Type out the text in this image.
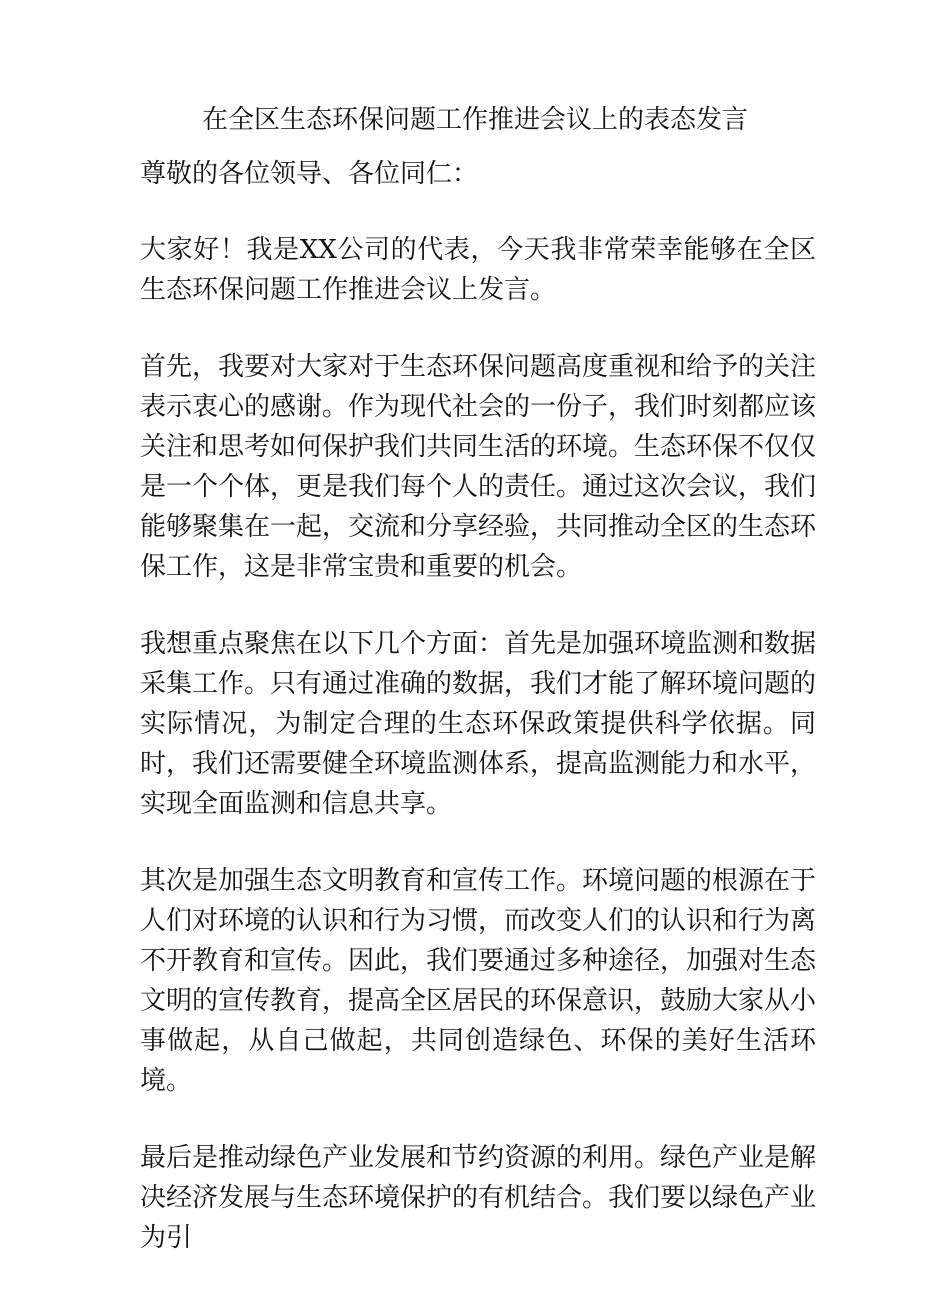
在全区生态环保问题工作推进会议上的表态发言

尊敬的各位领导、各位同仁：

大家好！我是XX公司的代表，今天我非常荣幸能够在全区生态环保问题工作推进会议上发言。

首先，我要对大家对于生态环保问题高度重视和给予的关注表示衷心的感谢。作为现代社会的一份子，我们时刻都应该关注和思考如何保护我们共同生活的环境。生态环保不仅仅是一个个体，更是我们每个人的责任。通过这次会议，我们能够聚集在一起，交流和分享经验，共同推动全区的生态环保工作，这是非常宝贵和重要的机会。

我想重点聚焦在以下几个方面：首先是加强环境监测和数据采集工作。只有通过准确的数据，我们才能了解环境问题的实际情况，为制定合理的生态环保政策提供科学依据。同时，我们还需要健全环境监测体系，提高监测能力和水平，实现全面监测和信息共享。

其次是加强生态文明教育和宣传工作。环境问题的根源在于人们对环境的认识和行为习惯，而改变人们的认识和行为离不开教育和宣传。因此，我们要通过多种途径，加强对生态文明的宣传教育，提高全区居民的环保意识，鼓励大家从小事做起，从自己做起，共同创造绿色、环保的美好生活环境。

最后是推动绿色产业发展和节约资源的利用。绿色产业是解决经济发展与生态环境保护的有机结合。我们要以绿色产业为引
